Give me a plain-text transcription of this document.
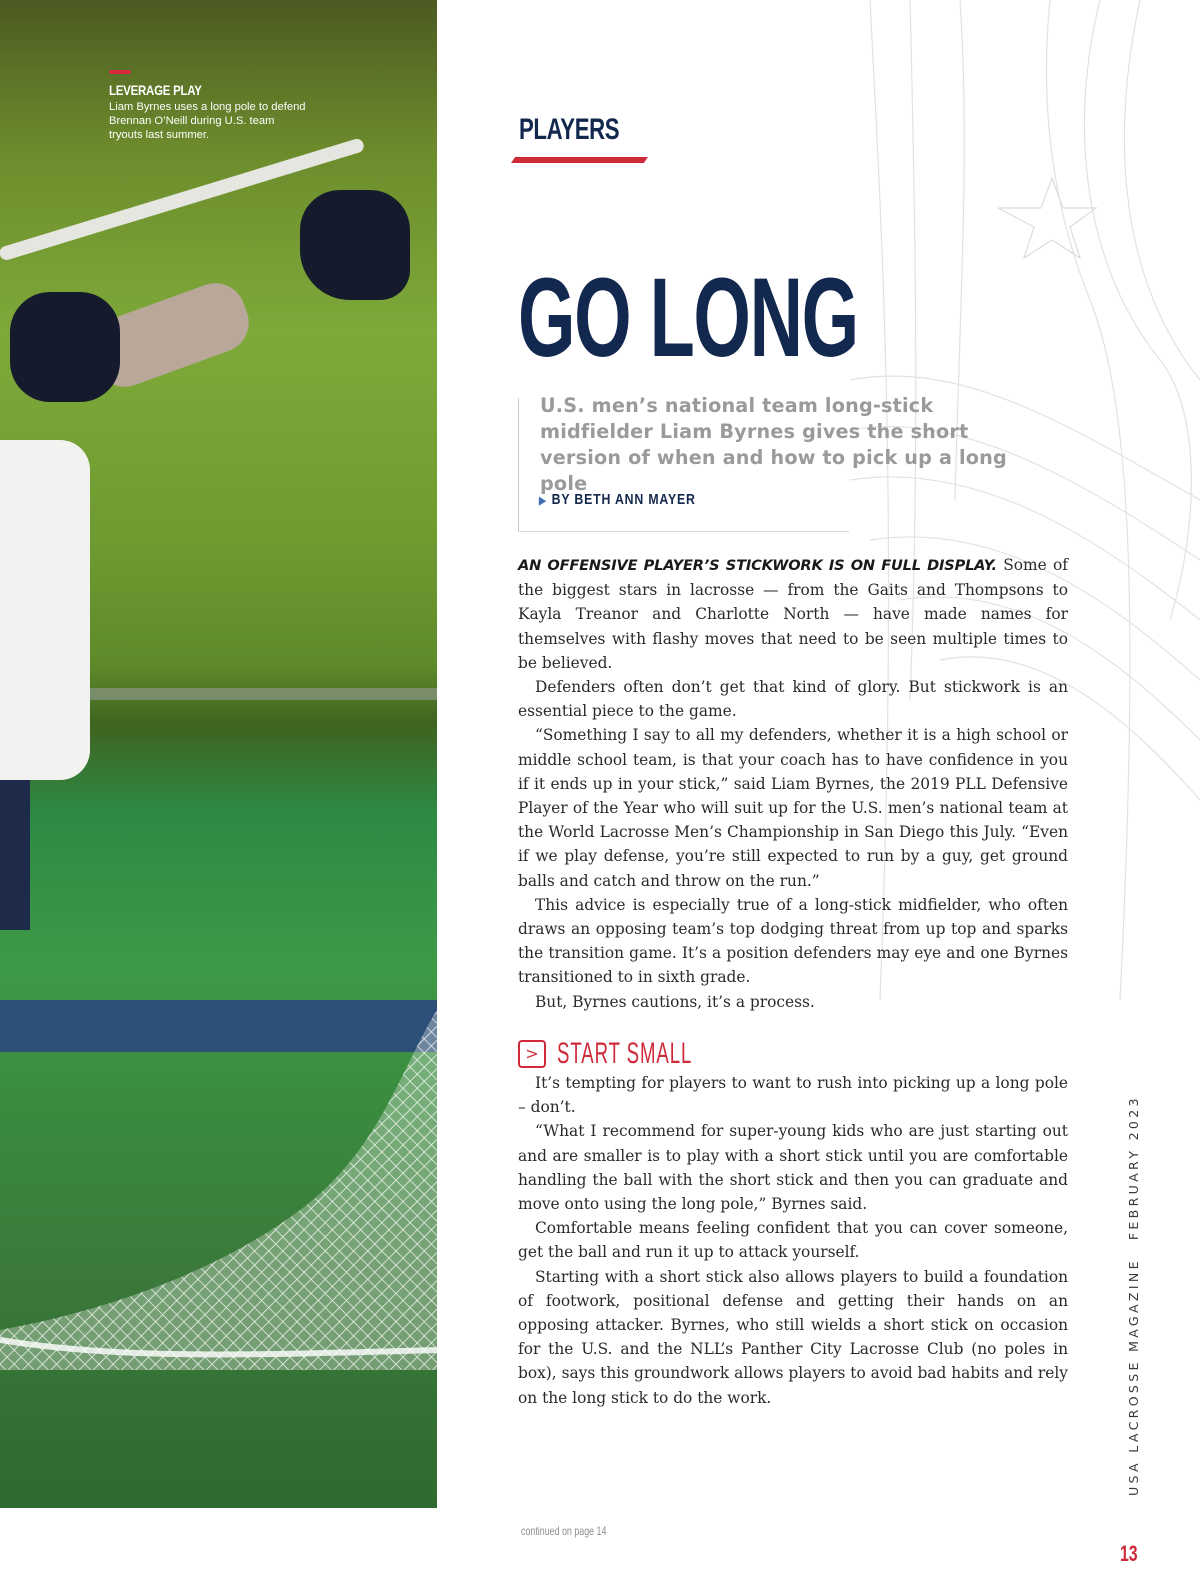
LEVERAGE PLAY
Liam Byrnes uses a long pole to defend Brennan O’Neill during U.S. team tryouts last summer.	PLAYERS
GO LONG
U.S. men’s national team long-stick midfielder Liam Byrnes gives the short version of when and how to pick up a long pole
▶ BY BETH ANN MAYER

AN OFFENSIVE PLAYER’S STICKWORK IS ON FULL DISPLAY. Some of the biggest stars in lacrosse — from the Gaits and Thompsons to Kayla Treanor and Charlotte North — have made names for themselves with flashy moves that need to be seen multiple times to be believed.

Defenders often don’t get that kind of glory. But stickwork is an essential piece to the game.

“Something I say to all my defenders, whether it is a high school or middle school team, is that your coach has to have confidence in you if it ends up in your stick,” said Liam Byrnes, the 2019 PLL Defensive Player of the Year who will suit up for the U.S. men’s national team at the World Lacrosse Men’s Championship in San Diego this July. “Even if we play defense, you’re still expected to run by a guy, get ground balls and catch and throw on the run.”

This advice is especially true of a long-stick midfielder, who often draws an opposing team’s top dodging threat from up top and sparks the transition game. It’s a position defenders may eye and one Byrnes transitioned to in sixth grade.

But, Byrnes cautions, it’s a process.

> START SMALL

It’s tempting for players to want to rush into picking up a long pole – don’t.

“What I recommend for super-young kids who are just starting out and are smaller is to play with a short stick until you are comfortable handling the ball with the short stick and then you can graduate and move onto using the long pole,” Byrnes said.

Comfortable means feeling confident that you can cover someone, get the ball and run it up to attack yourself.

Starting with a short stick also allows players to build a foundation of footwork, positional defense and getting their hands on an opposing attacker. Byrnes, who still wields a short stick on occasion for the U.S. and the NLL’s Panther City Lacrosse Club (no poles in box), says this groundwork allows players to avoid bad habits and rely on the long stick to do the work.

continued on page 14
USA LACROSSE MAGAZINEFEBRUARY 2023
13
